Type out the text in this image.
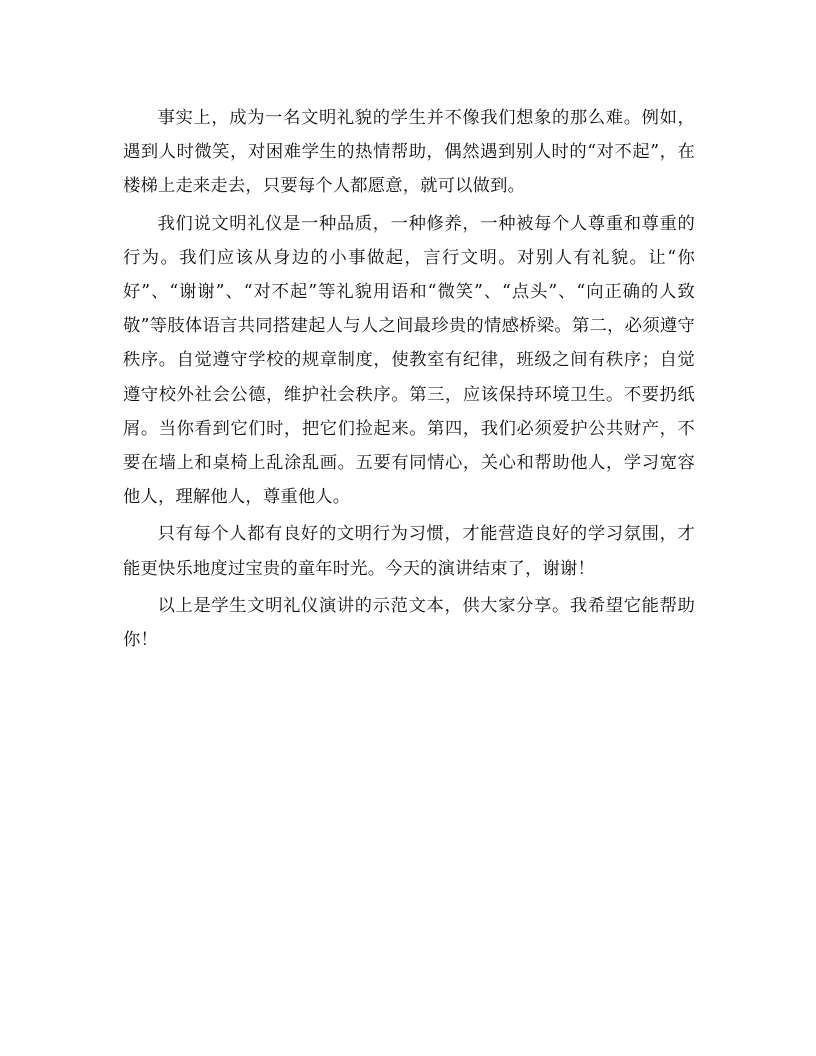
事实上，成为一名文明礼貌的学生并不像我们想象的那么难。例如，遇到人时微笑，对困难学生的热情帮助，偶然遇到别人时的“对不起”，在楼梯上走来走去，只要每个人都愿意，就可以做到。

我们说文明礼仪是一种品质，一种修养，一种被每个人尊重和尊重的行为。我们应该从身边的小事做起，言行文明。对别人有礼貌。让“你好”、“谢谢”、“对不起”等礼貌用语和“微笑”、“点头”、“向正确的人致敬”等肢体语言共同搭建起人与人之间最珍贵的情感桥梁。第二，必须遵守秩序。自觉遵守学校的规章制度，使教室有纪律，班级之间有秩序；自觉遵守校外社会公德，维护社会秩序。第三，应该保持环境卫生。不要扔纸屑。当你看到它们时，把它们捡起来。第四，我们必须爱护公共财产，不要在墙上和桌椅上乱涂乱画。五要有同情心，关心和帮助他人，学习宽容他人，理解他人，尊重他人。

只有每个人都有良好的文明行为习惯，才能营造良好的学习氛围，才能更快乐地度过宝贵的童年时光。今天的演讲结束了，谢谢！

以上是学生文明礼仪演讲的示范文本，供大家分享。我希望它能帮助你！
